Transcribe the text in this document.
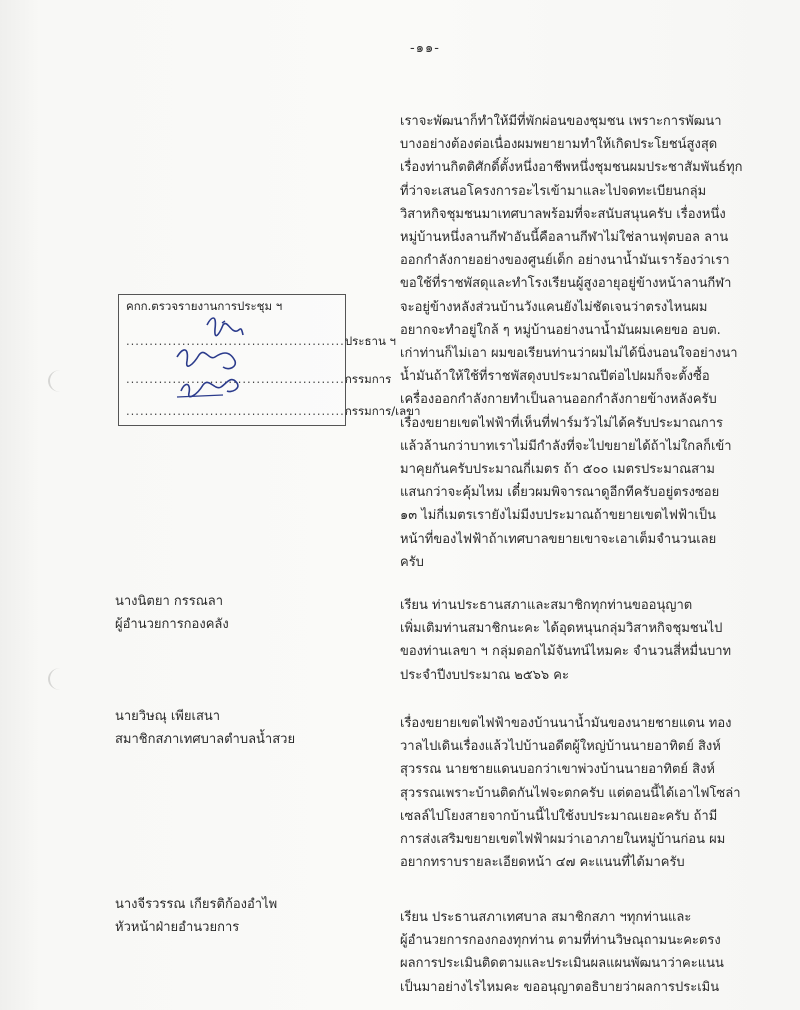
-๑๑-
เราจะพัฒนาก็ทำให้มีที่พักผ่อนของชุมชน เพราะการพัฒนา
บางอย่างต้องต่อเนื่องผมพยายามทำให้เกิดประโยชน์สูงสุด
เรื่องท่านกิตติศักดิ์ตั้งหนึ่งอาชีพหนึ่งชุมชนผมประชาสัมพันธ์ทุก
ที่ว่าจะเสนอโครงการอะไรเข้ามาและไปจดทะเบียนกลุ่ม
วิสาหกิจชุมชนมาเทศบาลพร้อมที่จะสนับสนุนครับ เรื่องหนึ่ง
หมู่บ้านหนึ่งลานกีฬาอันนี้คือลานกีฬาไม่ใช่ลานฟุตบอล ลาน
ออกกำลังกายอย่างของศูนย์เด็ก อย่างนาน้ำมันเราร้องว่าเรา
ขอใช้ที่ราชพัสดุและทำโรงเรียนผู้สูงอายุอยู่ข้างหน้าลานกีฬา
จะอยู่ข้างหลังส่วนบ้านวังแคนยังไม่ชัดเจนว่าตรงไหนผม
อยากจะทำอยู่ใกล้ ๆ หมู่บ้านอย่างนาน้ำมันผมเคยขอ อบต.
เก่าท่านก็ไม่เอา ผมขอเรียนท่านว่าผมไม่ได้นิ่งนอนใจอย่างนา
น้ำมันถ้าให้ใช้ที่ราชพัสดุงบประมาณปีต่อไปผมก็จะตั้งซื้อ
เครื่องออกกำลังกายทำเป็นลานออกกำลังกายข้างหลังครับ
เรื่องขยายเขตไฟฟ้าที่เห็นที่ฟาร์มวัวไม่ได้ครับประมาณการ
แล้วล้านกว่าบาทเราไม่มีกำลังที่จะไปขยายได้ถ้าไม่ใกลก็เข้า
มาคุยกันครับประมาณกี่เมตร ถ้า ๕๐๐ เมตรประมาณสาม
แสนกว่าจะคุ้มไหม เดี๋ยวผมพิจารณาดูอีกทีครับอยู่ตรงซอย
๑๓ ไม่กี่เมตรเรายังไม่มีงบประมาณถ้าขยายเขตไฟฟ้าเป็น
หน้าที่ของไฟฟ้าถ้าเทศบาลขยายเขาจะเอาเต็มจำนวนเลย
ครับ
คกก.ตรวจรายงานการประชุม ฯ
...............................................ประธาน ฯ
...............................................กรรมการ
...............................................กรรมการ/เลขา
นางนิตยา กรรณลา
ผู้อำนวยการกองคลัง
เรียน ท่านประธานสภาและสมาชิกทุกท่านขออนุญาต
เพิ่มเติมท่านสมาชิกนะคะ ได้อุดหนุนกลุ่มวิสาหกิจชุมชนไป
ของท่านเลขา ฯ กลุ่มดอกไม้จันทน์ไหมคะ จำนวนสี่หมื่นบาท
ประจำปีงบประมาณ ๒๕๖๖ คะ
นายวิษณุ เพียเสนา
สมาชิกสภาเทศบาลตำบลน้ำสวย
เรื่องขยายเขตไฟฟ้าของบ้านนาน้ำมันของนายชายแดน ทอง
วาลไปเดินเรื่องแล้วไปบ้านอดีตผู้ใหญ่บ้านนายอาทิตย์ สิงห์
สุวรรณ นายชายแดนบอกว่าเขาพ่วงบ้านนายอาทิตย์ สิงห์
สุวรรณเพราะบ้านติดกันไฟจะตกครับ แต่ตอนนี้ได้เอาไฟโซล่า
เซลล์ไปโยงสายจากบ้านนี้ไปใช้งบประมาณเยอะครับ ถ้ามี
การส่งเสริมขยายเขตไฟฟ้าผมว่าเอาภายในหมู่บ้านก่อน ผม
อยากทราบรายละเอียดหน้า ๔๗ คะแนนที่ได้มาครับ
นางจีรวรรณ เกียรติก้องอำไพ
หัวหน้าฝ่ายอำนวยการ
เรียน ประธานสภาเทศบาล สมาชิกสภา ฯทุกท่านและ
ผู้อำนวยการกองกองทุกท่าน ตามที่ท่านวิษณุถามนะคะตรง
ผลการประเมินติดตามและประเมินผลแผนพัฒนาว่าคะแนน
เป็นมาอย่างไรไหมคะ ขออนุญาตอธิบายว่าผลการประเมิน
